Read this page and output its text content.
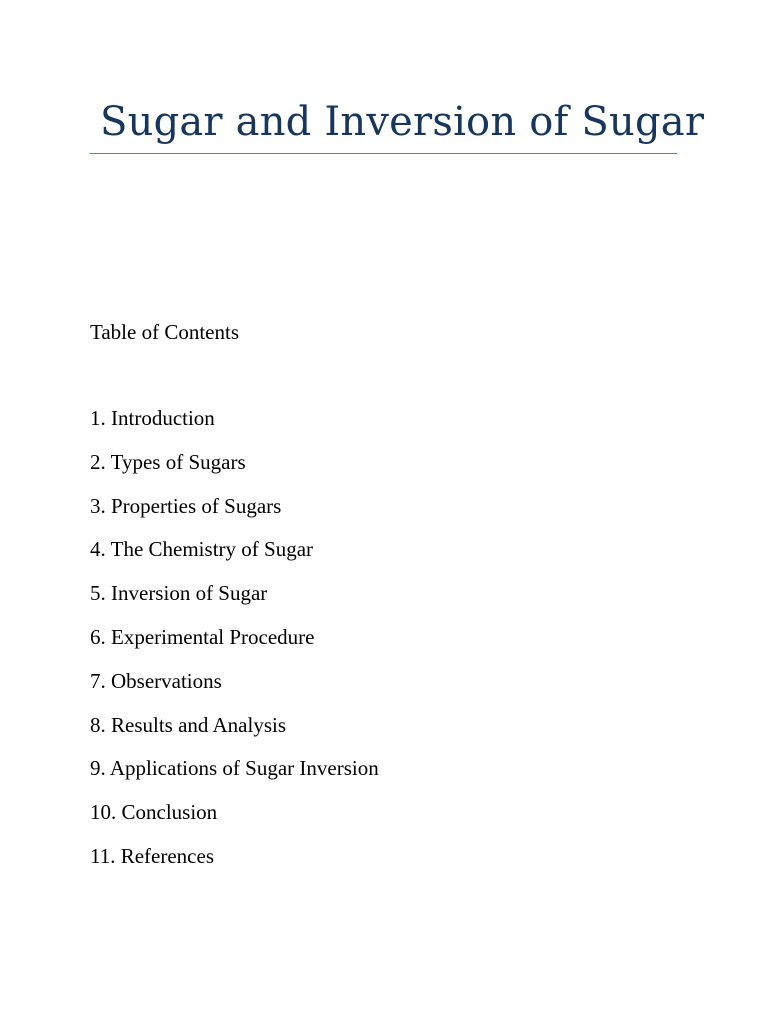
Sugar and Inversion of Sugar

Table of Contents

1. Introduction
2. Types of Sugars
3. Properties of Sugars
4. The Chemistry of Sugar
5. Inversion of Sugar
6. Experimental Procedure
7. Observations
8. Results and Analysis
9. Applications of Sugar Inversion
10. Conclusion
11. References
